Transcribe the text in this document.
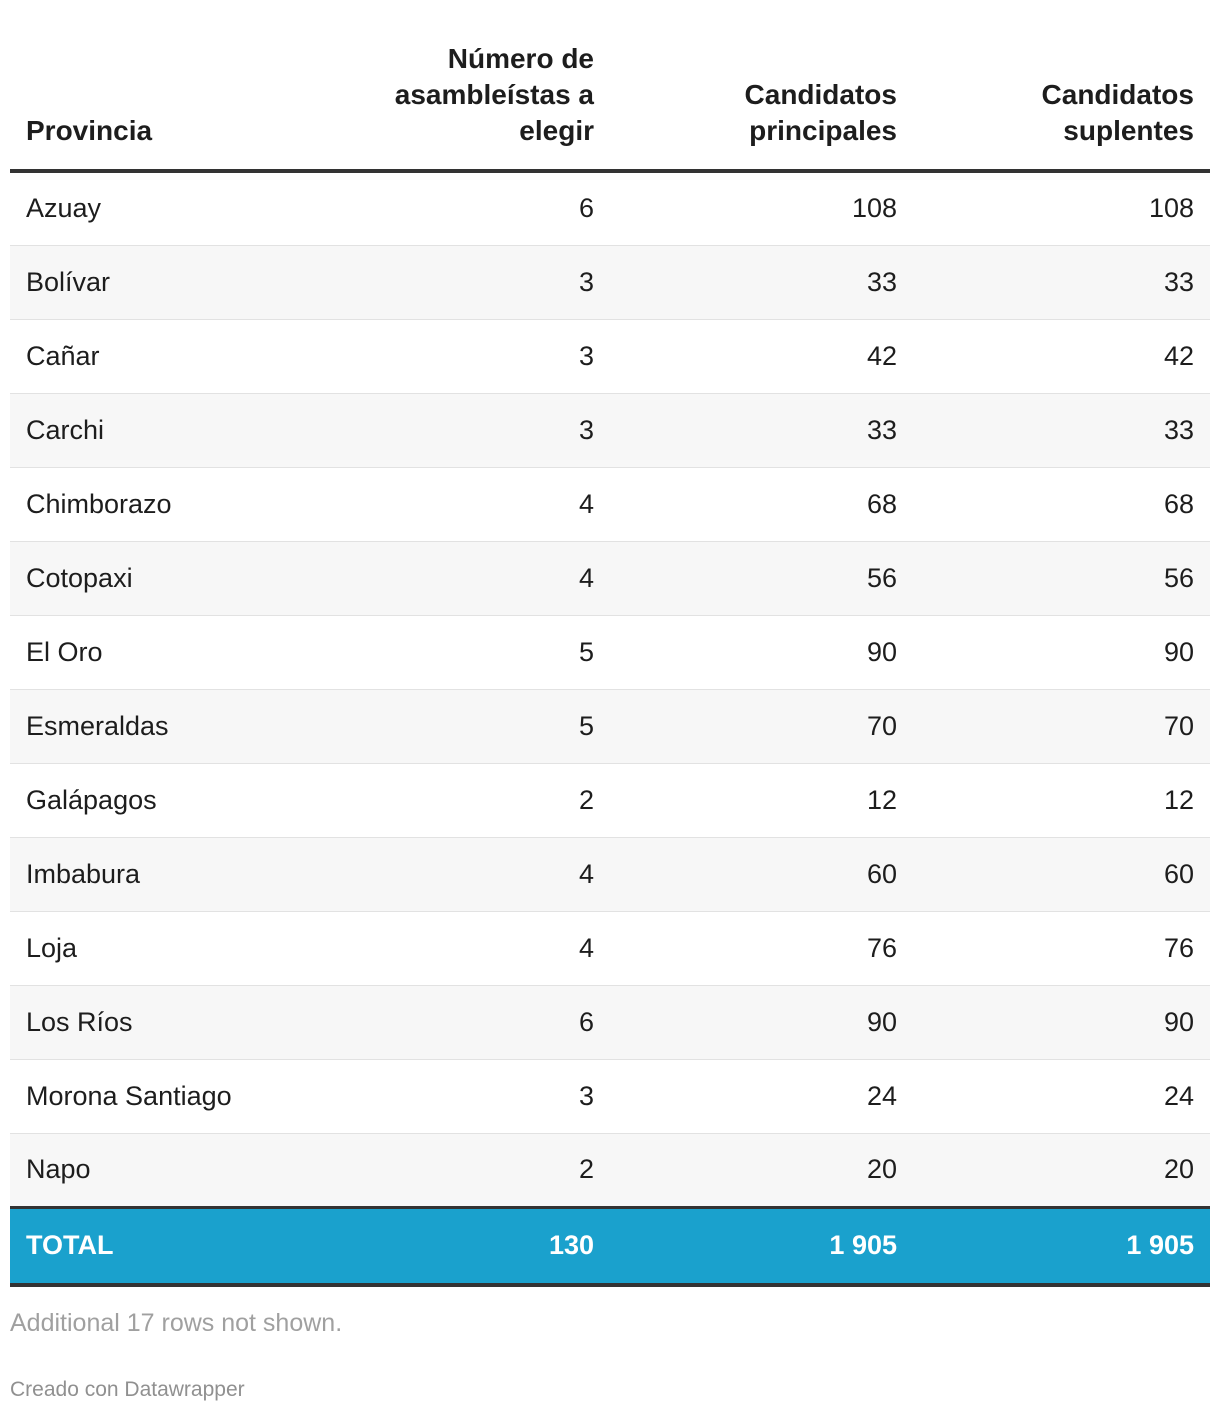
Provincia	Número de asambleístas a elegir	Candidatos principales	Candidatos suplentes
Azuay	6	108	108
Bolívar	3	33	33
Cañar	3	42	42
Carchi	3	33	33
Chimborazo	4	68	68
Cotopaxi	4	56	56
El Oro	5	90	90
Esmeraldas	5	70	70
Galápagos	2	12	12
Imbabura	4	60	60
Loja	4	76	76
Los Ríos	6	90	90
Morona Santiago	3	24	24
Napo	2	20	20
TOTAL	130	1 905	1 905
Additional 17 rows not shown.
Creado con Datawrapper
